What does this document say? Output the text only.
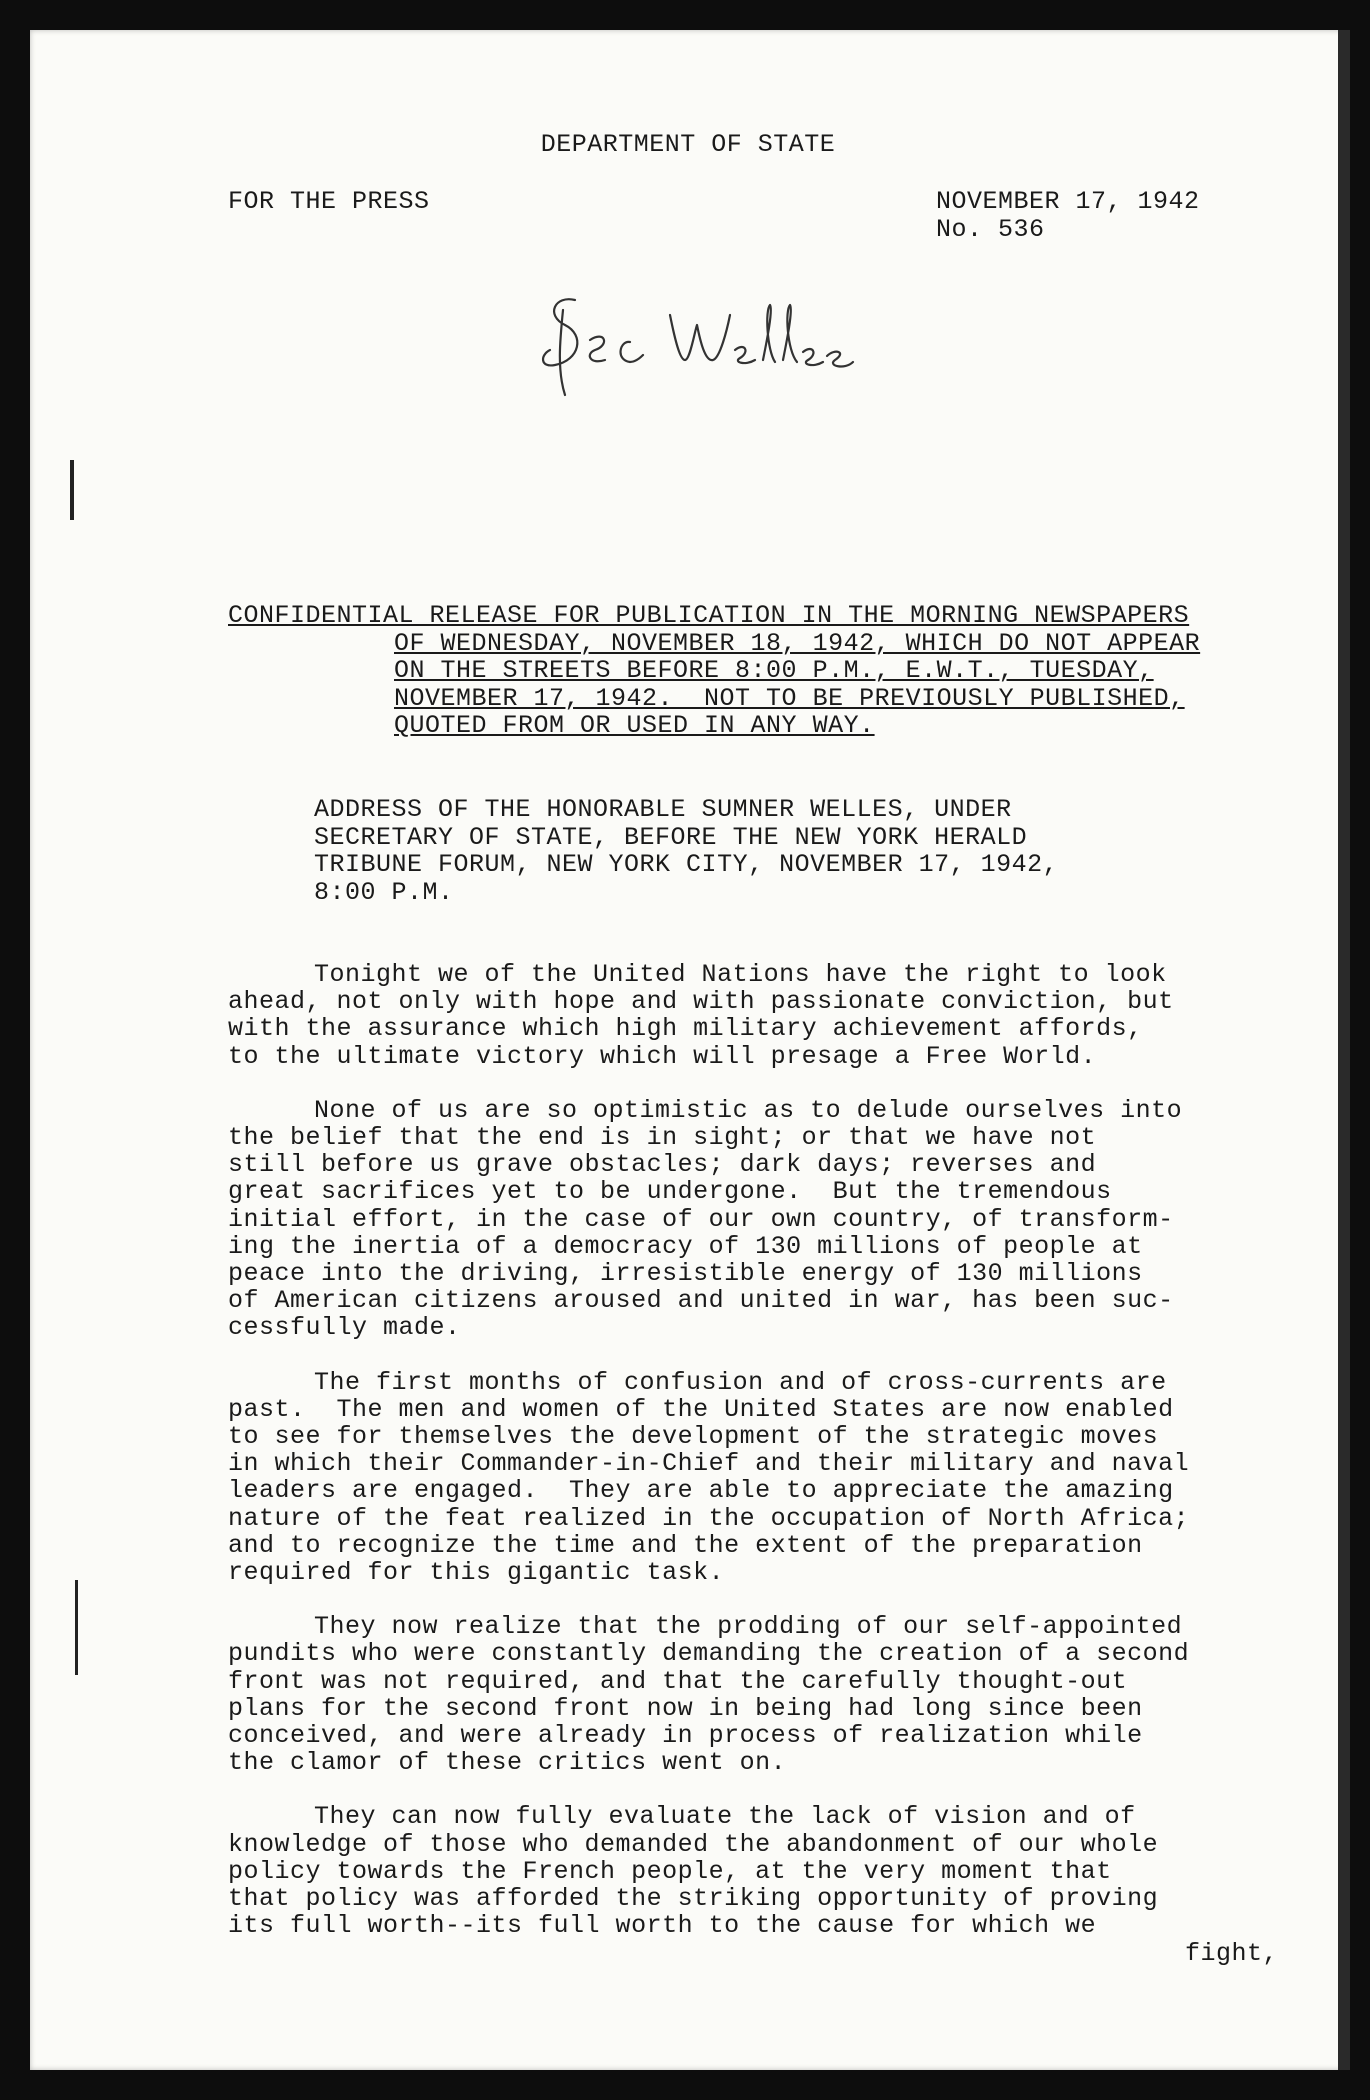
DEPARTMENT OF STATE

FOR THE PRESS	NOVEMBER 17, 1942

No. 536

CONFIDENTIAL RELEASE FOR PUBLICATION IN THE MORNING NEWSPAPERS
OF WEDNESDAY, NOVEMBER 18, 1942, WHICH DO NOT APPEAR
ON THE STREETS BEFORE 8:00 P.M., E.W.T., TUESDAY,
NOVEMBER 17, 1942.  NOT TO BE PREVIOUSLY PUBLISHED,
QUOTED FROM OR USED IN ANY WAY.
ADDRESS OF THE HONORABLE SUMNER WELLES, UNDER
SECRETARY OF STATE, BEFORE THE NEW YORK HERALD
TRIBUNE FORUM, NEW YORK CITY, NOVEMBER 17, 1942,
8:00 P.M.
Tonight we of the United Nations have the right to look
ahead, not only with hope and with passionate conviction, but
with the assurance which high military achievement affords,
to the ultimate victory which will presage a Free World.
None of us are so optimistic as to delude ourselves into
the belief that the end is in sight; or that we have not
still before us grave obstacles; dark days; reverses and
great sacrifices yet to be undergone.  But the tremendous
initial effort, in the case of our own country, of transform-
ing the inertia of a democracy of 130 millions of people at
peace into the driving, irresistible energy of 130 millions
of American citizens aroused and united in war, has been suc-
cessfully made.
The first months of confusion and of cross-currents are
past.  The men and women of the United States are now enabled
to see for themselves the development of the strategic moves
in which their Commander-in-Chief and their military and naval
leaders are engaged.  They are able to appreciate the amazing
nature of the feat realized in the occupation of North Africa;
and to recognize the time and the extent of the preparation
required for this gigantic task.
They now realize that the prodding of our self-appointed
pundits who were constantly demanding the creation of a second
front was not required, and that the carefully thought-out
plans for the second front now in being had long since been
conceived, and were already in process of realization while
the clamor of these critics went on.
They can now fully evaluate the lack of vision and of
knowledge of those who demanded the abandonment of our whole
policy towards the French people, at the very moment that
that policy was afforded the striking opportunity of proving
its full worth--its full worth to the cause for which we
fight,
